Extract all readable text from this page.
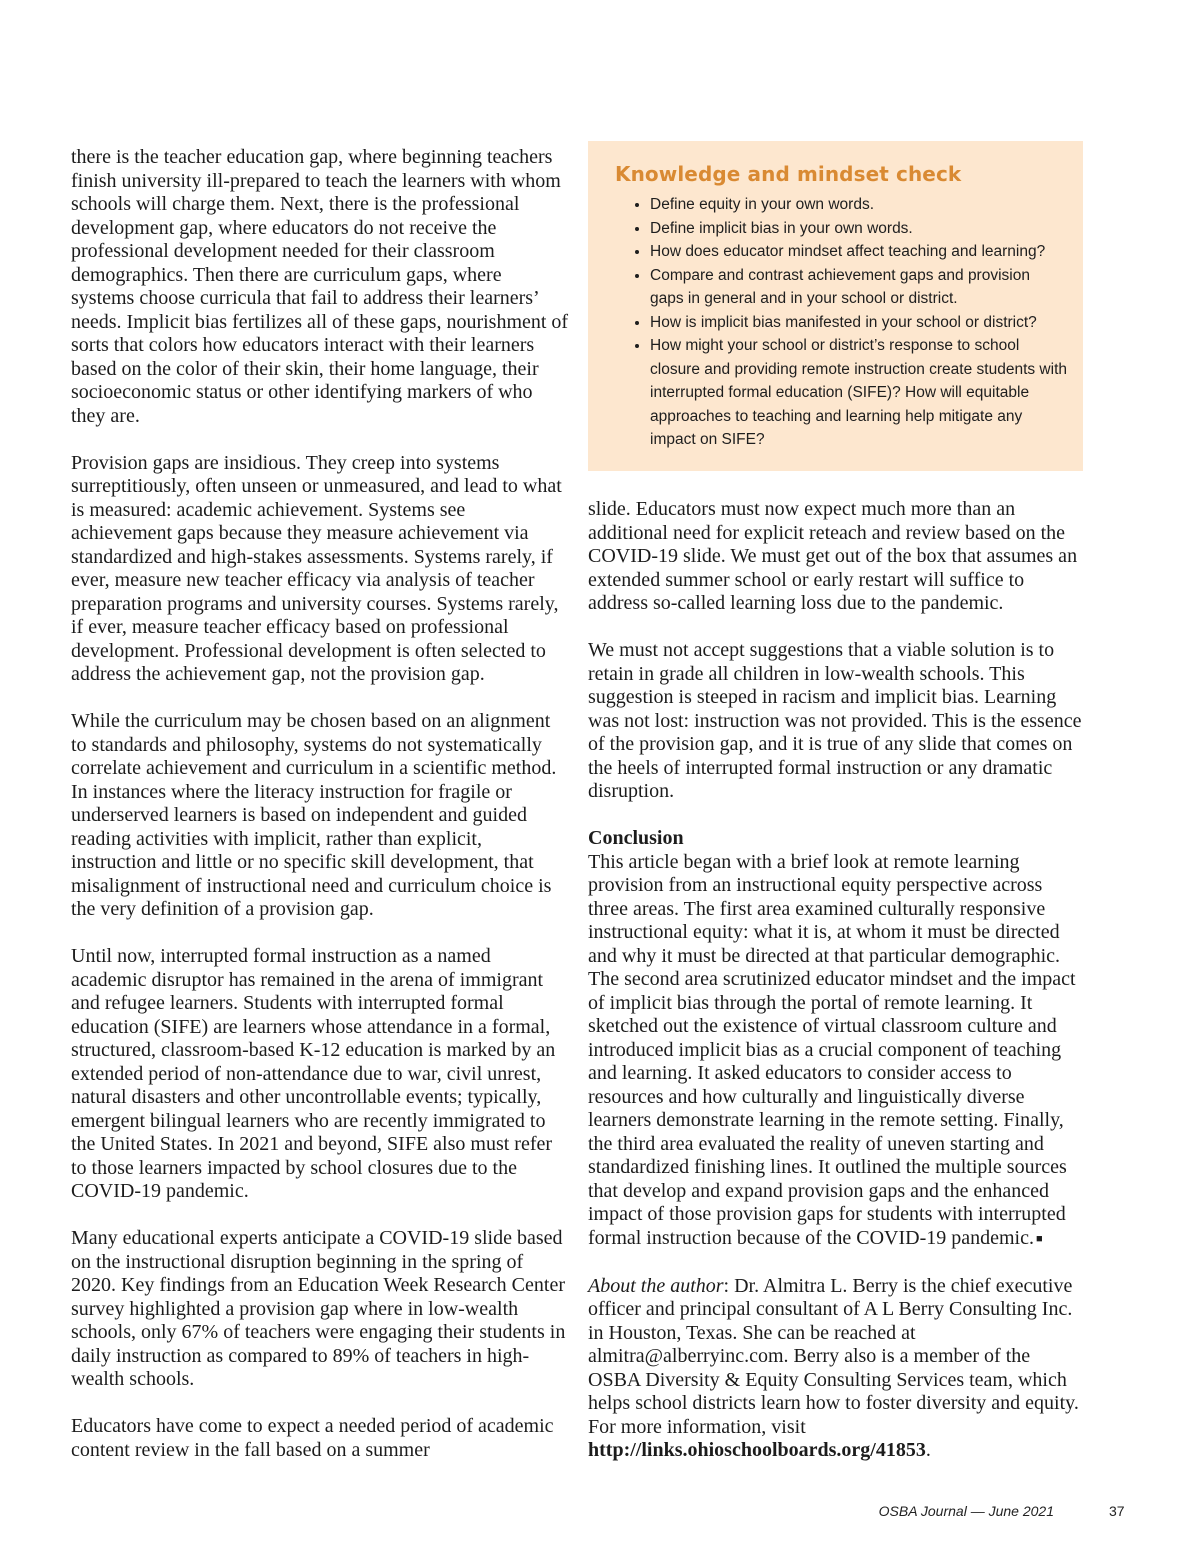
there is the teacher education gap, where beginning teachers finish university ill-prepared to teach the learners with whom schools will charge them. Next, there is the professional development gap, where educators do not receive the professional development needed for their classroom demographics. Then there are curriculum gaps, where systems choose curricula that fail to address their learners’ needs. Implicit bias fertilizes all of these gaps, nourishment of sorts that colors how educators interact with their learners based on the color of their skin, their home language, their socioeconomic status or other identifying markers of who they are.

Provision gaps are insidious. They creep into systems surreptitiously, often unseen or unmeasured, and lead to what is measured: academic achievement. Systems see achievement gaps because they measure achievement via standardized and high-stakes assessments. Systems rarely, if ever, measure new teacher efficacy via analysis of teacher preparation programs and university courses. Systems rarely, if ever, measure teacher efficacy based on professional development. Professional development is often selected to address the achievement gap, not the provision gap.

While the curriculum may be chosen based on an alignment to standards and philosophy, systems do not systematically correlate achievement and curriculum in a scientific method. In instances where the literacy instruction for fragile or underserved learners is based on independent and guided reading activities with implicit, rather than explicit, instruction and little or no specific skill development, that misalignment of instructional need and curriculum choice is the very definition of a provision gap.

Until now, interrupted formal instruction as a named academic disruptor has remained in the arena of immigrant and refugee learners. Students with interrupted formal education (SIFE) are learners whose attendance in a formal, structured, classroom-based K-12 education is marked by an extended period of non-attendance due to war, civil unrest, natural disasters and other uncontrollable events; typically, emergent bilingual learners who are recently immigrated to the United States. In 2021 and beyond, SIFE also must refer to those learners impacted by school closures due to the COVID-19 pandemic.

Many educational experts anticipate a COVID-19 slide based on the instructional disruption beginning in the spring of 2020. Key findings from an Education Week Research Center survey highlighted a provision gap where in low-wealth schools, only 67% of teachers were engaging their students in daily instruction as compared to 89% of teachers in high-wealth schools.

Educators have come to expect a needed period of academic content review in the fall based on a summer

Knowledge and mindset check
• Define equity in your own words.
• Define implicit bias in your own words.
• How does educator mindset affect teaching and learning?
• Compare and contrast achievement gaps and provision gaps in general and in your school or district.
• How is implicit bias manifested in your school or district?
• How might your school or district’s response to school closure and providing remote instruction create students with interrupted formal education (SIFE)? How will equitable approaches to teaching and learning help mitigate any impact on SIFE?

slide. Educators must now expect much more than an additional need for explicit reteach and review based on the COVID-19 slide. We must get out of the box that assumes an extended summer school or early restart will suffice to address so-called learning loss due to the pandemic.

We must not accept suggestions that a viable solution is to retain in grade all children in low-wealth schools. This suggestion is steeped in racism and implicit bias. Learning was not lost: instruction was not provided. This is the essence of the provision gap, and it is true of any slide that comes on the heels of interrupted formal instruction or any dramatic disruption.

Conclusion
This article began with a brief look at remote learning provision from an instructional equity perspective across three areas. The first area examined culturally responsive instructional equity: what it is, at whom it must be directed and why it must be directed at that particular demographic. The second area scrutinized educator mindset and the impact of implicit bias through the portal of remote learning. It sketched out the existence of virtual classroom culture and introduced implicit bias as a crucial component of teaching and learning. It asked educators to consider access to resources and how culturally and linguistically diverse learners demonstrate learning in the remote setting. Finally, the third area evaluated the reality of uneven starting and standardized finishing lines. It outlined the multiple sources that develop and expand provision gaps and the enhanced impact of those provision gaps for students with interrupted formal instruction because of the COVID-19 pandemic. ■

About the author: Dr. Almitra L. Berry is the chief executive officer and principal consultant of A L Berry Consulting Inc. in Houston, Texas. She can be reached at almitra@alberryinc.com. Berry also is a member of the OSBA Diversity & Equity Consulting Services team, which helps school districts learn how to foster diversity and equity. For more information, visit http://links.ohioschoolboards.org/41853.

OSBA Journal — June 2021	37
